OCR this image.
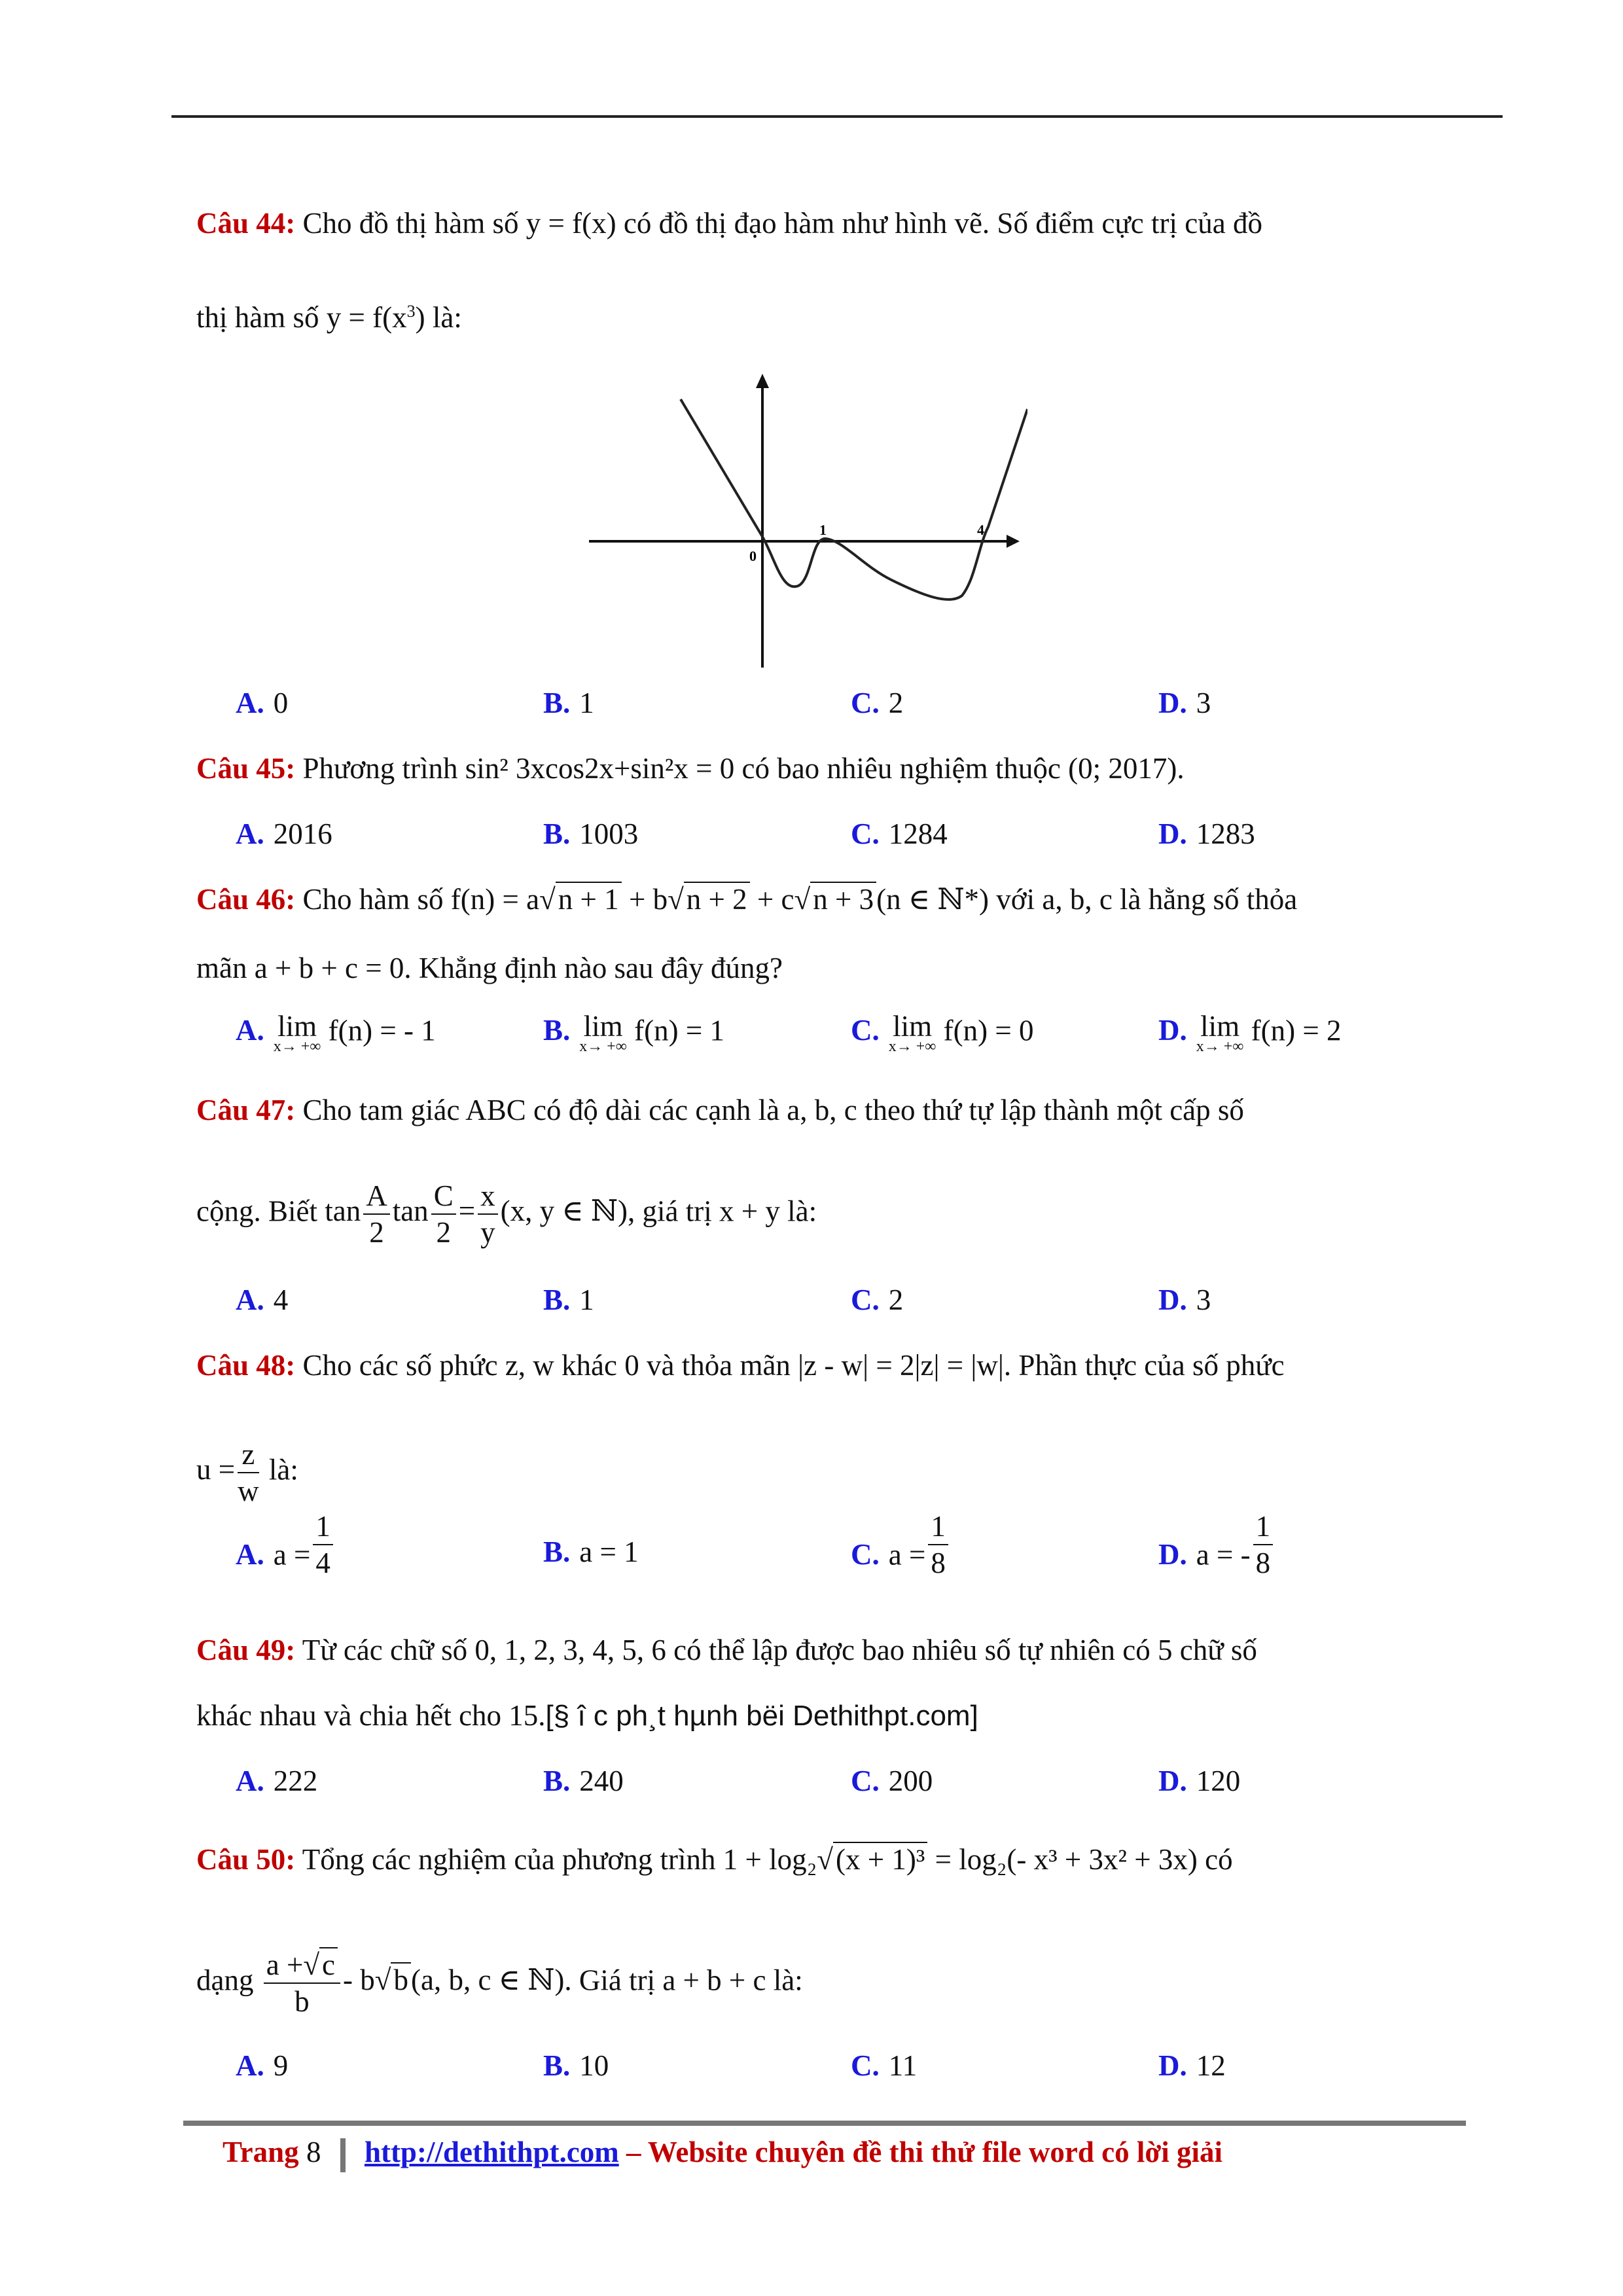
Câu 44: Cho đồ thị hàm số y = f(x) có đồ thị đạo hàm như hình vẽ. Số điểm cực trị của đồ
thị hàm số $y = f(x^3)$ là:
0
1	4
A. 0	B. 1	C. 2	D. 3
Câu 45: Phương trình sin² 3xcos2x+sin²x = 0 có bao nhiêu nghiệm thuộc (0; 2017).
A. 2016	B. 1003	C. 1284	D. 1283
Câu 46: Cho hàm số f(n) = a√n + 1 + b√n + 2 + c√n + 3(n ∈ ℕ*) với a, b, c là hằng số thỏa
mãn a + b + c = 0. Khẳng định nào sau đây đúng?
A. lim
x→ +∞ f(n) = - 1	B. lim
x→ +∞ f(n) = 1	C. lim
x→ +∞ f(n) = 0	D. lim
x→ +∞ f(n) = 2
Câu 47: Cho tam giác ABC có độ dài các cạnh là a, b, c theo thứ tự lập thành một cấp số
cộng. Biết $\tan \frac{A}{2}$ $\tan \frac{C}{2} = \frac{x}{y} (x$, y ∈ ℕ), giá trị x + y là:
A. 4	B. 1	C. 2	D. 3
Câu 48: Cho các số phức z, w khác 0 và thỏa mãn |z - w| = 2|z| = |w|. Phần thực của số phức
$u = \frac{z}{w}$ là:
A. $a = \frac{1}{4}$	B. a = 1	C. $a = \frac{1}{8}$	D. a = - $\frac{1}{8}$
Câu 49: Từ các chữ số 0, 1, 2, 3, 4, 5, 6 có thể lập được bao nhiêu số tự nhiên có 5 chữ số
khác nhau và chia hết cho 15.[§ î c ph¸t hµnh bëi Dethithpt.com]
A. 222	B. 240	C. 200	D. 120
Câu 50: Tổng các nghiệm của phương trình 1 + log₂√(x + 1)³ = log₂(- x³ + 3x² + 3x) có
dạng $\frac{a +√c}{b} - b√b(a$, b, c ∈ ℕ). Giá trị a + b + c là:
A. 9	B. 10	C. 11	D. 12
Trang 8 http://dethithpt.com – Website chuyên đề thi thử file word có lời giải
